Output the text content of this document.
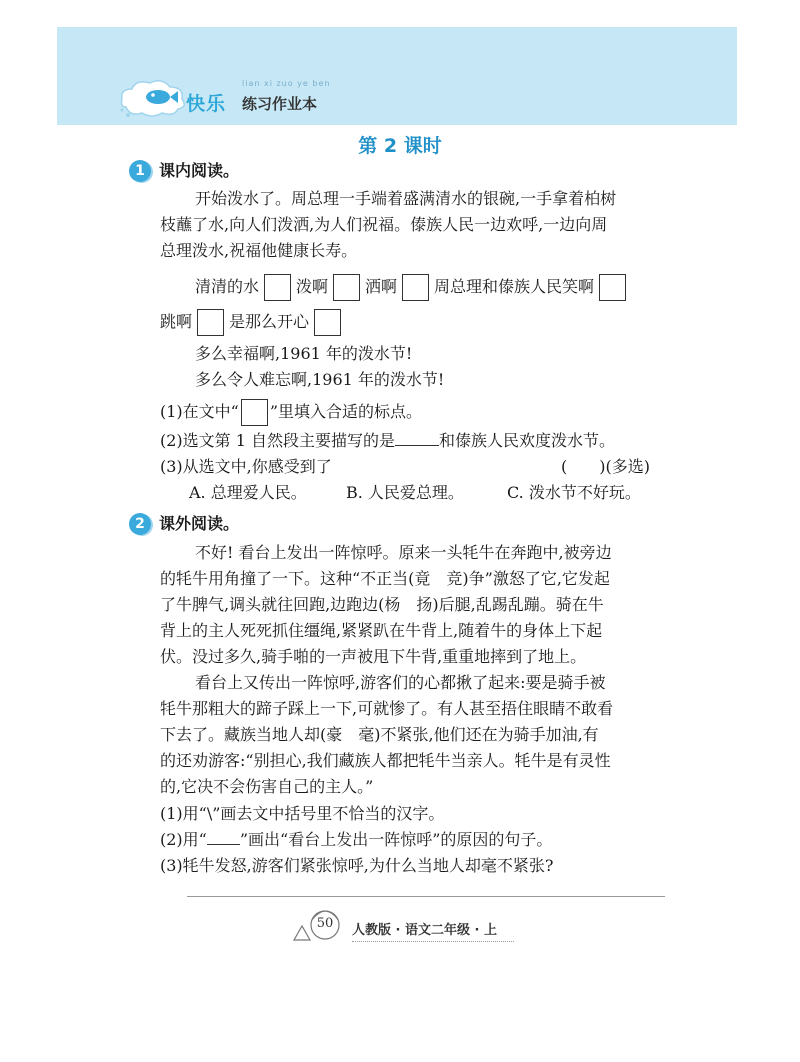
lian xi zuo ye ben
快乐 练习作业本
第 2 课时
1 课内阅读。
开始泼水了。周总理一手端着盛满清水的银碗,一手拿着柏树
枝蘸了水,向人们泼洒,为人们祝福。傣族人民一边欢呼,一边向周
总理泼水,祝福他健康长寿。
清清的水 泼啊 洒啊 周总理和傣族人民笑啊
跳啊 是那么开心
多么幸福啊,1961 年的泼水节!
多么令人难忘啊,1961 年的泼水节!
(1)在文中“ ”里填入合适的标点。
(2)选文第 1 自然段主要描写的是	和傣族人民欢度泼水节。
(3)从选文中,你感受到了	(　　)(多选)
A. 总理爱人民。 B. 人民爱总理。	C. 泼水节不好玩。
2 课外阅读。
不好! 看台上发出一阵惊呼。原来一头牦牛在奔跑中,被旁边
的牦牛用角撞了一下。这种“不正当(竟　竞)争”激怒了它,它发起
了牛脾气,调头就往回跑,边跑边(杨　扬)后腿,乱踢乱蹦。骑在牛
背上的主人死死抓住缰绳,紧紧趴在牛背上,随着牛的身体上下起
伏。没过多久,骑手啪的一声被甩下牛背,重重地摔到了地上。
看台上又传出一阵惊呼,游客们的心都揪了起来:要是骑手被
牦牛那粗大的蹄子踩上一下,可就惨了。有人甚至捂住眼睛不敢看
下去了。藏族当地人却(豪　毫)不紧张,他们还在为骑手加油,有
的还劝游客:“别担心,我们藏族人都把牦牛当亲人。牦牛是有灵性
的,它决不会伤害自己的主人。”
(1)用“\”画去文中括号里不恰当的汉字。
(2)用“ ”画出“看台上发出一阵惊呼”的原因的句子。
(3)牦牛发怒,游客们紧张惊呼,为什么当地人却毫不紧张?
50	人教版 · 语文二年级 · 上
